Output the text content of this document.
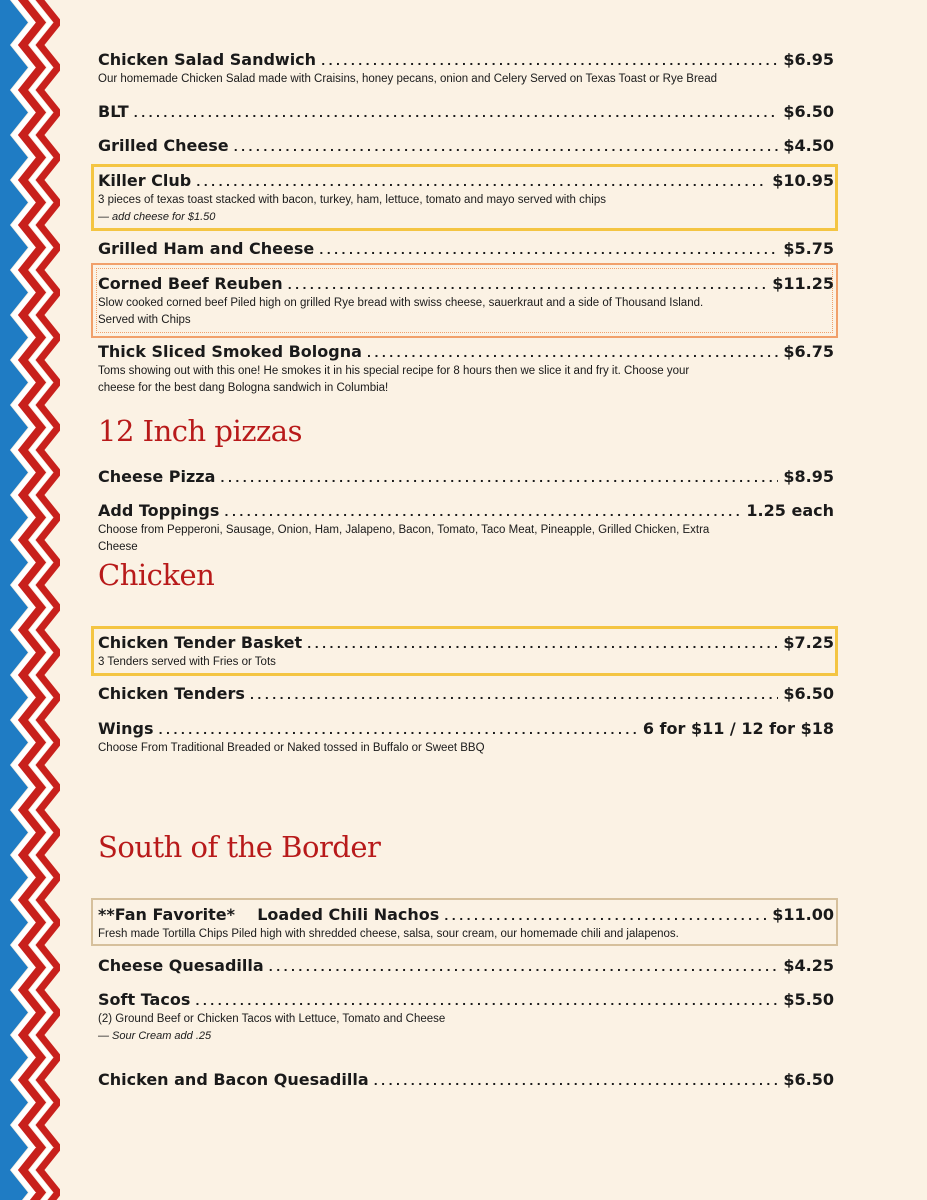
Chicken Salad Sandwich . . .	$6.95

Our homemade Chicken Salad made with Craisins, honey pecans, onion and Celery Served on Texas Toast or Rye Bread

BLT . . .	$6.50
Grilled Cheese . . .	$4.50
Killer Club . . .	$10.95

3 pieces of texas toast stacked with bacon, turkey, ham, lettuce, tomato and mayo served with chips

— add cheese for $1.50

Grilled Ham and Cheese . . .	$5.75
Corned Beef Reuben . . .	$11.25

Slow cooked corned beef Piled high on grilled Rye bread with swiss cheese, sauerkraut and a side of Thousand Island.

Served with Chips

Thick Sliced Smoked Bologna . . .	$6.75

Toms showing out with this one! He smokes it in his special recipe for 8 hours then we slice it and fry it. Choose your

cheese for the best dang Bologna sandwich in Columbia!

12 Inch pizzas
Cheese Pizza . . .	$8.95
Add Toppings . . .	1.25 each

Choose from Pepperoni, Sausage, Onion, Ham, Jalapeno, Bacon, Tomato, Taco Meat, Pineapple, Grilled Chicken, Extra

Cheese

Chicken
Chicken Tender Basket . . .	$7.25

3 Tenders served with Fries or Tots

Chicken Tenders . . .	$6.50
Wings . . .	6 for $11 / 12 for $18

Choose From Traditional Breaded or Naked tossed in Buffalo or Sweet BBQ

South of the Border
**Fan Favorite*    Loaded Chili Nachos . . .	$11.00

Fresh made Tortilla Chips Piled high with shredded cheese, salsa, sour cream, our homemade chili and jalapenos.

Cheese Quesadilla . . .	$4.25
Soft Tacos . . .	$5.50

(2) Ground Beef or Chicken Tacos with Lettuce, Tomato and Cheese

— Sour Cream add .25

Chicken and Bacon Quesadilla . . .	$6.50
